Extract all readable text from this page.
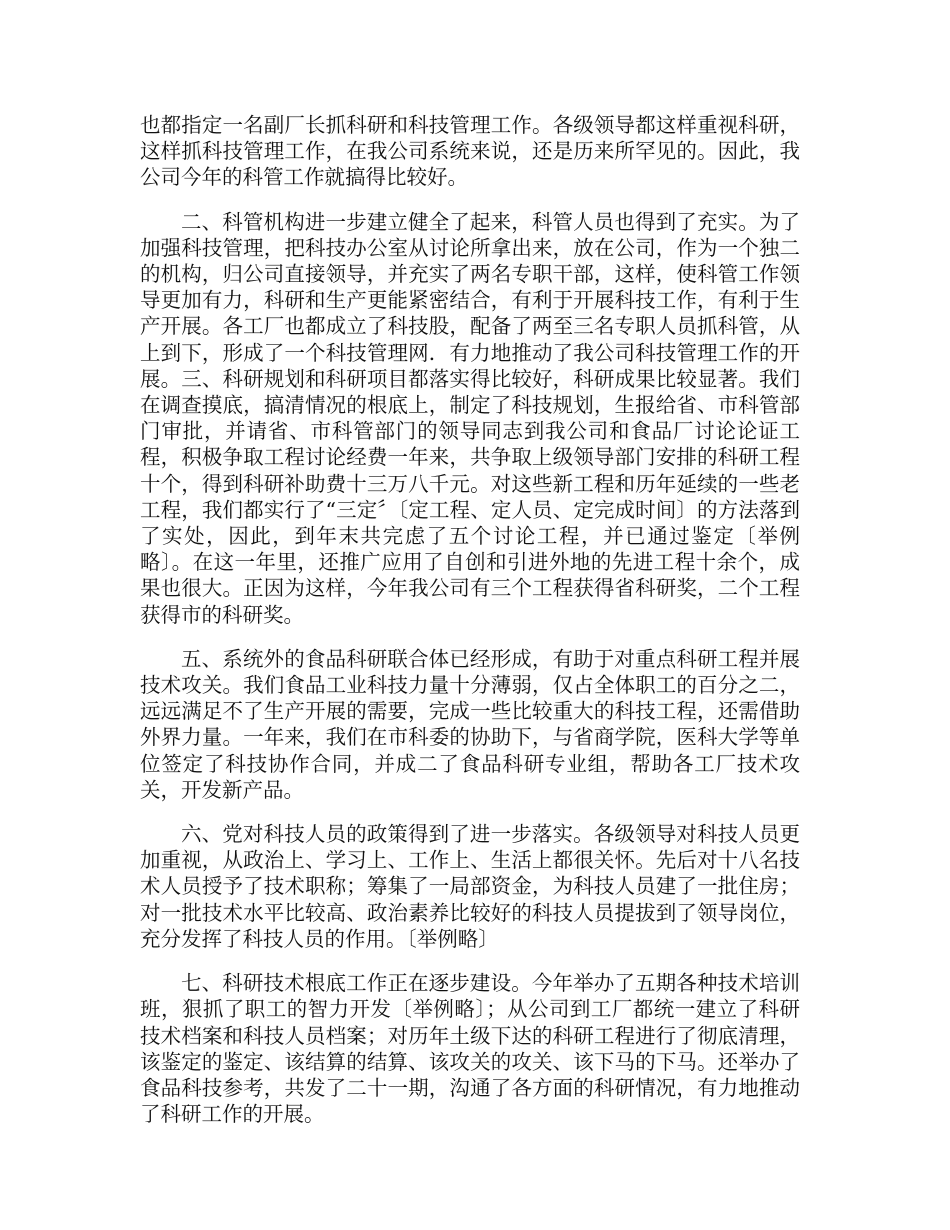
也都指定一名副厂长抓科研和科技管理工作。各级领导都这样重视科研，这样抓科技管理工作，在我公司系统来说，还是历来所罕见的。因此，我公司今年的科管工作就搞得比较好。

二、科管机构进一步建立健全了起来，科管人员也得到了充实。为了加强科技管理，把科技办公室从讨论所拿出来，放在公司，作为一个独二的机构，归公司直接领导，并充实了两名专职干部，这样，使科管工作领导更加有力，科研和生产更能紧密结合，有利于开展科技工作，有利于生产开展。各工厂也都成立了科技股，配备了两至三名专职人员抓科管，从上到下，形成了一个科技管理网．有力地推动了我公司科技管理工作的开展。三、科研规划和科研项目都落实得比较好，科研成果比较显著。我们在调查摸底，搞清情况的根底上，制定了科技规划，生报给省、市科管部门审批，并请省、市科管部门的领导同志到我公司和食品厂讨论论证工程，积极争取工程讨论经费一年来，共争取上级领导部门安排的科研工程十个，得到科研补助费十三万八千元。对这些新工程和历年延续的一些老工程，我们都实行了“三定〞〔定工程、定人员、定完成时间〕的方法落到了实处，因此，到年末共完虑了五个讨论工程，并已通过鉴定〔举例略〕。在这一年里，还推广应用了自创和引进外地的先进工程十余个，成果也很大。正因为这样，今年我公司有三个工程获得省科研奖，二个工程获得市的科研奖。

五、系统外的食品科研联合体已经形成，有助于对重点科研工程并展技术攻关。我们食品工业科技力量十分薄弱，仅占全体职工的百分之二，远远满足不了生产开展的需要，完成一些比较重大的科技工程，还需借助外界力量。一年来，我们在市科委的协助下，与省商学院，医科大学等单位签定了科技协作合同，并成二了食品科研专业组，帮助各工厂技术攻关，开发新产品。

六、党对科技人员的政策得到了进一步落实。各级领导对科技人员更加重视，从政治上、学习上、工作上、生活上都很关怀。先后对十八名技术人员授予了技术职称；筹集了一局部资金，为科技人员建了一批住房；对一批技术水平比较高、政治素养比较好的科技人员提拔到了领导岗位，充分发挥了科技人员的作用。〔举例略〕

七、科研技术根底工作正在逐步建设。今年举办了五期各种技术培训班，狠抓了职工的智力开发〔举例略〕；从公司到工厂都统一建立了科研技术档案和科技人员档案；对历年土级下达的科研工程进行了彻底清理，该鉴定的鉴定、该结算的结算、该攻关的攻关、该下马的下马。还举办了食品科技参考，共发了二十一期，沟通了各方面的科研情况，有力地推动了科研工作的开展。
